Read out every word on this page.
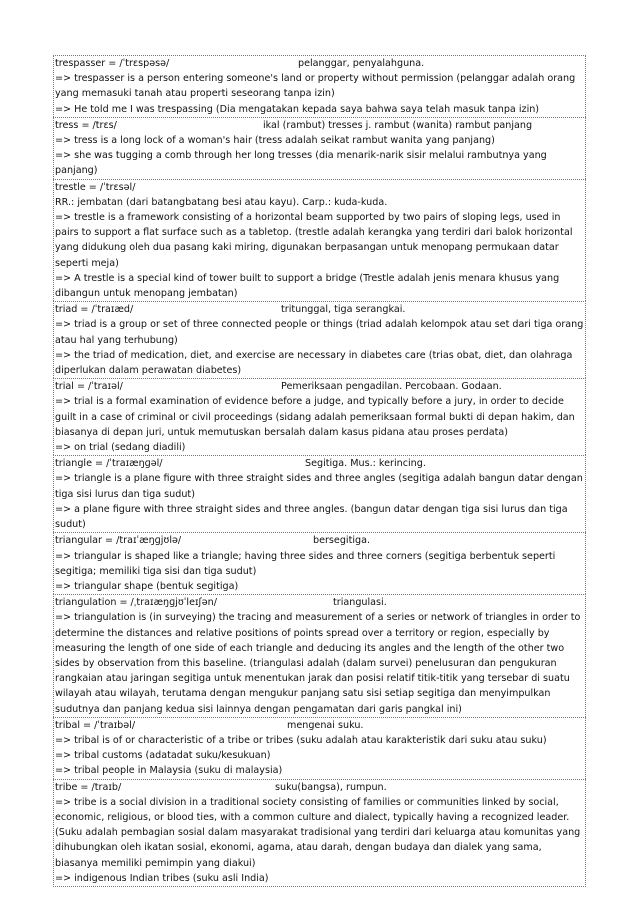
trespasser = /ˈtrɛspəsə/	pelanggar, penyalahguna.
=> trespasser is a person entering someone's land or property without permission (pelanggar adalah orang yang memasuki tanah atau properti seseorang tanpa izin)
=> He told me I was trespassing (Dia mengatakan kepada saya bahwa saya telah masuk tanpa izin)
tress = /trɛs/	ikal (rambut) tresses j. rambut (wanita) rambut panjang
=> tress is a long lock of a woman's hair (tress adalah seikat rambut wanita yang panjang)
=> she was tugging a comb through her long tresses (dia menarik-narik sisir melalui rambutnya yang panjang)
trestle = /ˈtrɛsəl/
RR.: jembatan (dari batangbatang besi atau kayu). Carp.: kuda-kuda.
=> trestle is a framework consisting of a horizontal beam supported by two pairs of sloping legs, used in pairs to support a flat surface such as a tabletop. (trestle adalah kerangka yang terdiri dari balok horizontal yang didukung oleh dua pasang kaki miring, digunakan berpasangan untuk menopang permukaan datar seperti meja)
=> A trestle is a special kind of tower built to support a bridge (Trestle adalah jenis menara khusus yang dibangun untuk menopang jembatan)
triad = /ˈtraɪæd/	tritunggal, tiga serangkai.
=> triad is a group or set of three connected people or things (triad adalah kelompok atau set dari tiga orang atau hal yang terhubung)
=> the triad of medication, diet, and exercise are necessary in diabetes care (trias obat, diet, dan olahraga diperlukan dalam perawatan diabetes)
trial = /ˈtraɪəl/	Pemeriksaan pengadilan. Percobaan. Godaan.
=> trial is a formal examination of evidence before a judge, and typically before a jury, in order to decide guilt in a case of criminal or civil proceedings (sidang adalah pemeriksaan formal bukti di depan hakim, dan biasanya di depan juri, untuk memutuskan bersalah dalam kasus pidana atau proses perdata)
=> on trial (sedang diadili)
triangle = /ˈtraɪæŋɡəl/	Segitiga. Mus.: kerincing.
=> triangle is a plane figure with three straight sides and three angles (segitiga adalah bangun datar dengan tiga sisi lurus dan tiga sudut)
=> a plane figure with three straight sides and three angles. (bangun datar dengan tiga sisi lurus dan tiga sudut)
triangular = /traɪˈæŋɡjʊlə/	bersegitiga.
=> triangular is shaped like a triangle; having three sides and three corners (segitiga berbentuk seperti segitiga; memiliki tiga sisi dan tiga sudut)
=> triangular shape (bentuk segitiga)
triangulation = /ˌtraɪæŋɡjʊˈleɪʃən/	triangulasi.
=> triangulation is (in surveying) the tracing and measurement of a series or network of triangles in order to determine the distances and relative positions of points spread over a territory or region, especially by measuring the length of one side of each triangle and deducing its angles and the length of the other two sides by observation from this baseline. (triangulasi adalah (dalam survei) penelusuran dan pengukuran rangkaian atau jaringan segitiga untuk menentukan jarak dan posisi relatif titik-titik yang tersebar di suatu wilayah atau wilayah, terutama dengan mengukur panjang satu sisi setiap segitiga dan menyimpulkan sudutnya dan panjang kedua sisi lainnya dengan pengamatan dari garis pangkal ini)
tribal = /ˈtraɪbəl/	mengenai suku.
=> tribal is of or characteristic of a tribe or tribes (suku adalah atau karakteristik dari suku atau suku)
=> tribal customs (adatadat suku/kesukuan)
=> tribal people in Malaysia (suku di malaysia)
tribe = /traɪb/	suku(bangsa), rumpun.
=> tribe is a social division in a traditional society consisting of families or communities linked by social, economic, religious, or blood ties, with a common culture and dialect, typically having a recognized leader. (Suku adalah pembagian sosial dalam masyarakat tradisional yang terdiri dari keluarga atau komunitas yang dihubungkan oleh ikatan sosial, ekonomi, agama, atau darah, dengan budaya dan dialek yang sama, biasanya memiliki pemimpin yang diakui)
=> indigenous Indian tribes (suku asli India)
